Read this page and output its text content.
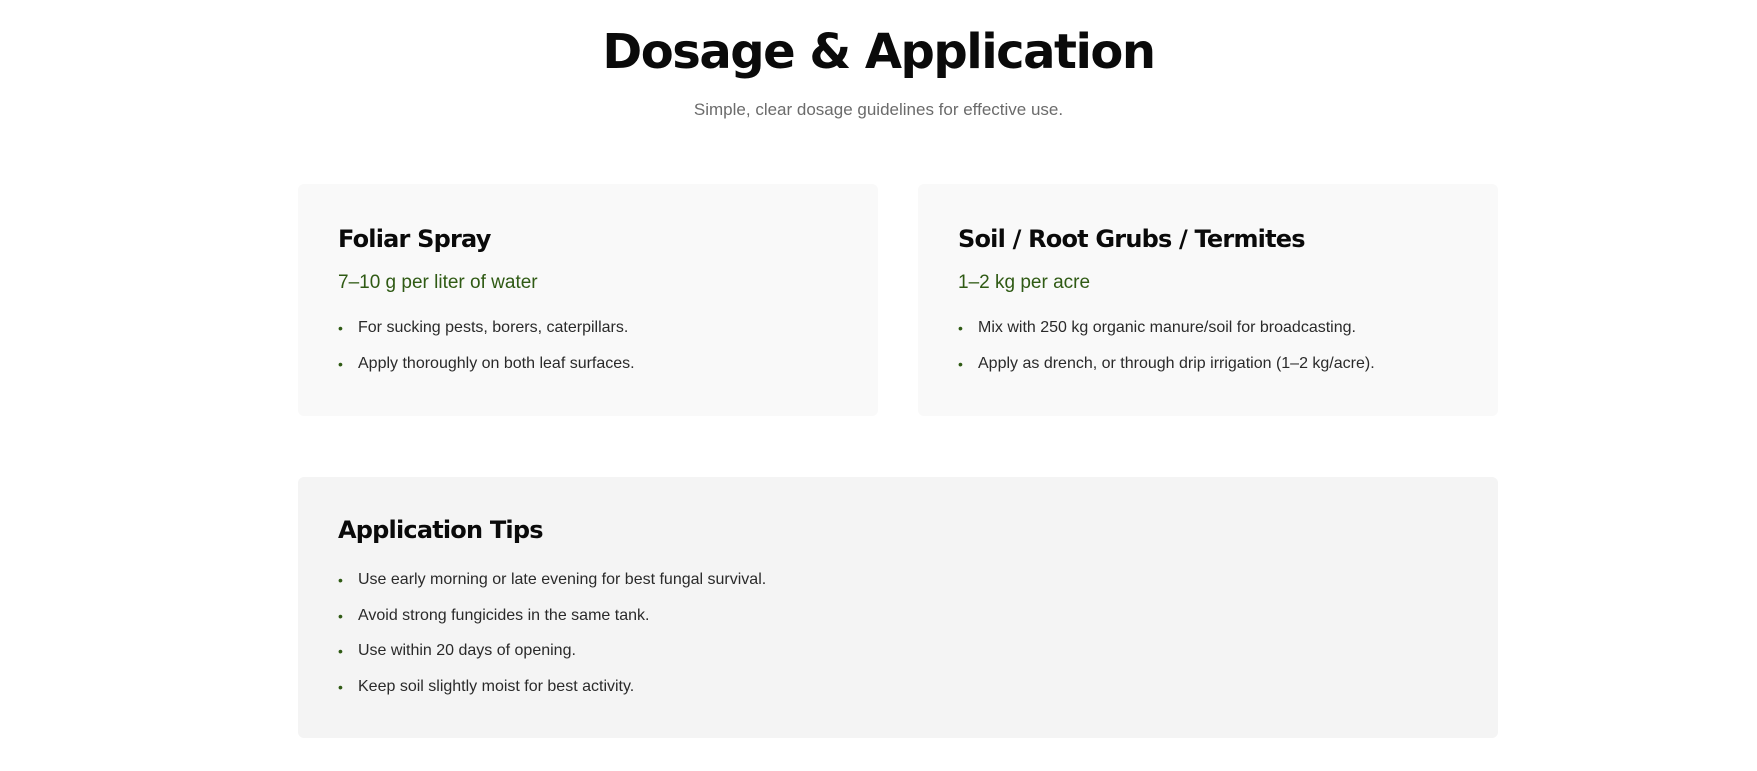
Dosage & Application

Simple, clear dosage guidelines for effective use.

Foliar Spray

7–10 g per liter of water

• For sucking pests, borers, caterpillars.
• Apply thoroughly on both leaf surfaces.
Soil / Root Grubs / Termites

1–2 kg per acre

• Mix with 250 kg organic manure/soil for broadcasting.
• Apply as drench, or through drip irrigation (1–2 kg/acre).
Application Tips
• Use early morning or late evening for best fungal survival.
• Avoid strong fungicides in the same tank.
• Use within 20 days of opening.
• Keep soil slightly moist for best activity.
